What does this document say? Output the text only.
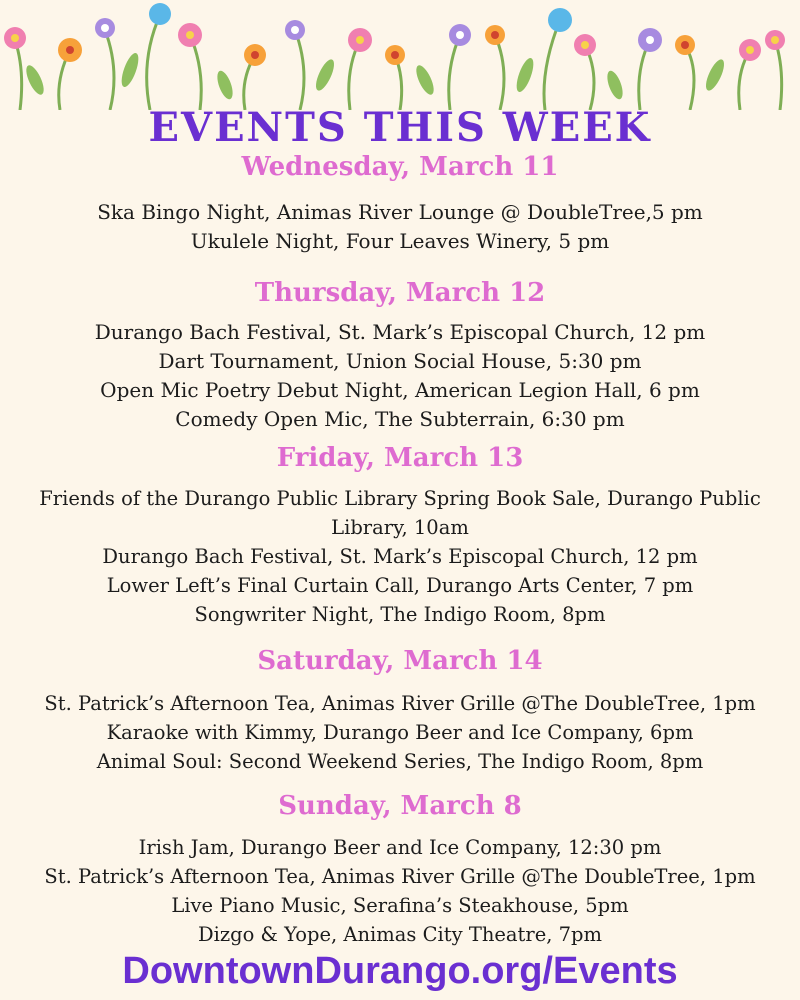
EVENTS THIS WEEK
Wednesday, March 11
Ska Bingo Night, Animas River Lounge @ DoubleTree,5 pm
Ukulele Night, Four Leaves Winery, 5 pm
Thursday, March 12
Durango Bach Festival, St. Mark’s Episcopal Church, 12 pm
Dart Tournament, Union Social House, 5:30 pm
Open Mic Poetry Debut Night, American Legion Hall, 6 pm
Comedy Open Mic, The Subterrain, 6:30 pm
Friday, March 13
Friends of the Durango Public Library Spring Book Sale, Durango Public
Library, 10am
Durango Bach Festival, St. Mark’s Episcopal Church, 12 pm
Lower Left’s Final Curtain Call, Durango Arts Center, 7 pm
Songwriter Night, The Indigo Room, 8pm
Saturday, March 14
St. Patrick’s Afternoon Tea, Animas River Grille @The DoubleTree, 1pm
Karaoke with Kimmy, Durango Beer and Ice Company, 6pm
Animal Soul: Second Weekend Series, The Indigo Room, 8pm
Sunday, March 8
Irish Jam, Durango Beer and Ice Company, 12:30 pm
St. Patrick’s Afternoon Tea, Animas River Grille @The DoubleTree, 1pm
Live Piano Music, Serafina’s Steakhouse, 5pm
Dizgo & Yope, Animas City Theatre, 7pm
DowntownDurango.org/Events
